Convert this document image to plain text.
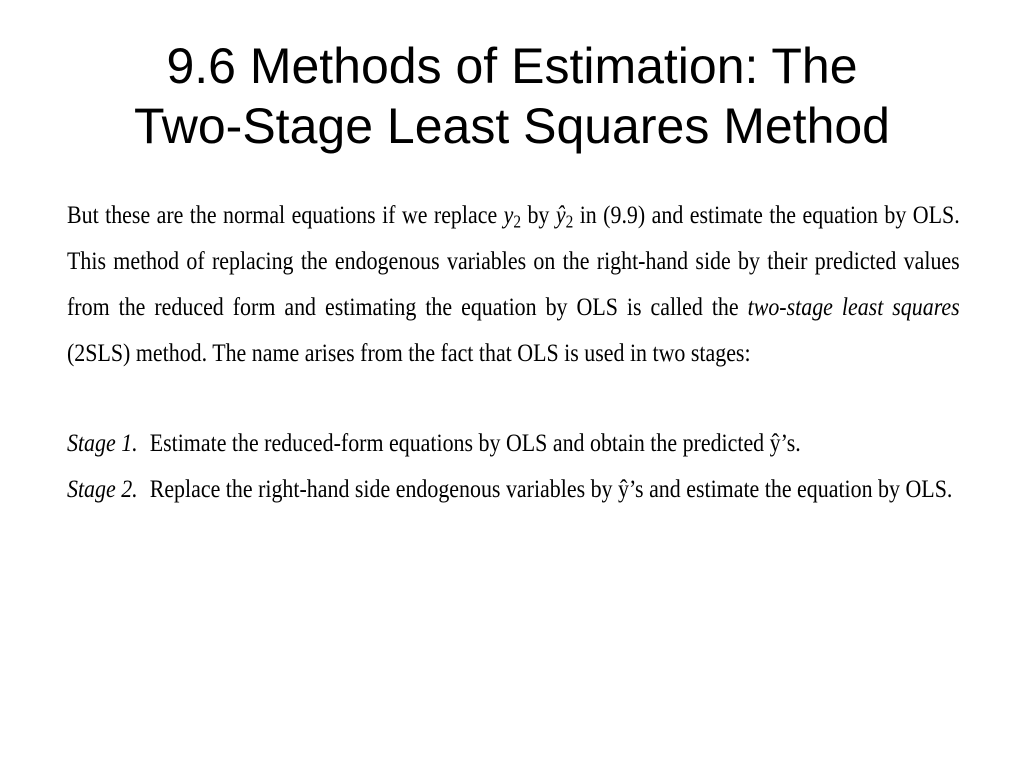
9.6 Methods of Estimation: The
Two-Stage Least Squares Method

But these are the normal equations if we replace $y_2$ by $ŷ_2$ in (9.9) and estimate the equation by OLS. This method of replacing the endogenous variables on the right-hand side by their predicted values from the reduced form and estimating the equation by OLS is called the two-stage least squares (2SLS) method. The name arises from the fact that OLS is used in two stages:

Stage 1. Estimate the reduced-form equations by OLS and obtain the predicted ŷ’s.

Stage 2. Replace the right-hand side endogenous variables by ŷ’s and estimate the equation by OLS.
